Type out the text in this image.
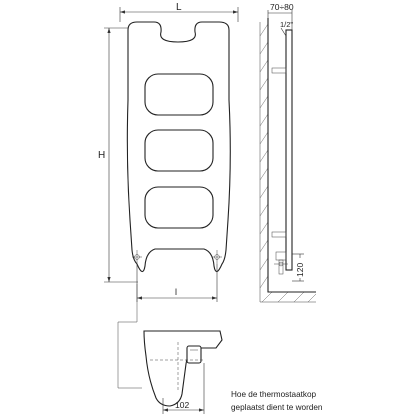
L
H
l
70÷80
1/2"
120
102
Hoe de thermostaatkop
geplaatst dient te worden
